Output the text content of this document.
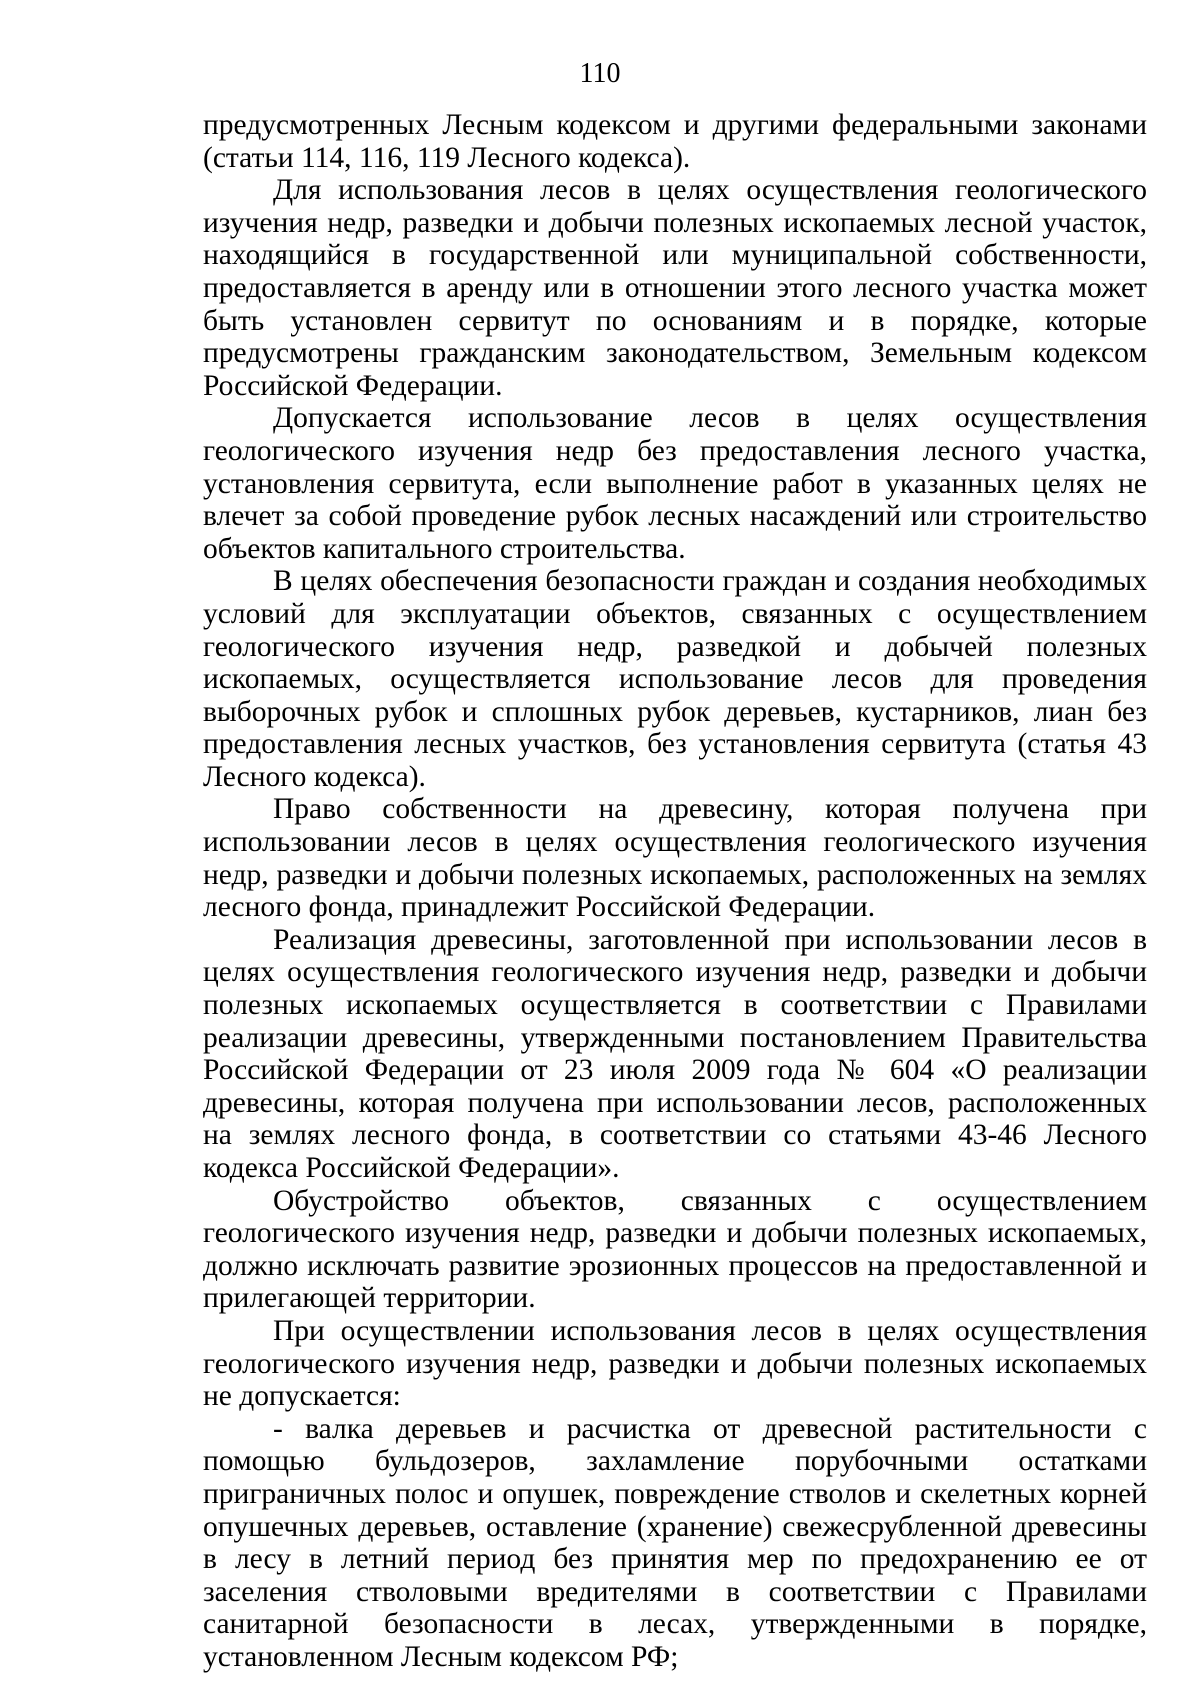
110

предусмотренных Лесным кодексом и другими федеральными законами (статьи 114, 116, 119 Лесного кодекса).

Для использования лесов в целях осуществления геологического изучения недр, разведки и добычи полезных ископаемых лесной участок, находящийся в государственной или муниципальной собственности, предоставляется в аренду или в отношении этого лесного участка может быть установлен сервитут по основаниям и в порядке, которые предусмотрены гражданским законодательством, Земельным кодексом Российской Федерации.

Допускается использование лесов в целях осуществления геологического изучения недр без предоставления лесного участка, установления сервитута, если выполнение работ в указанных целях не влечет за собой проведение рубок лесных насаждений или строительство объектов капитального строительства.

В целях обеспечения безопасности граждан и создания необходимых условий для эксплуатации объектов, связанных с осуществлением геологического изучения недр, разведкой и добычей полезных ископаемых, осуществляется использование лесов для проведения выборочных рубок и сплошных рубок деревьев, кустарников, лиан без предоставления лесных участков, без установления сервитута (статья 43 Лесного кодекса).

Право собственности на древесину, которая получена при использовании лесов в целях осуществления геологического изучения недр, разведки и добычи полезных ископаемых, расположенных на землях лесного фонда, принадлежит Российской Федерации.

Реализация древесины, заготовленной при использовании лесов в целях осуществления геологического изучения недр, разведки и добычи полезных ископаемых осуществляется в соответствии с Правилами реализации древесины, утвержденными постановлением Правительства Российской Федерации от 23 июля 2009 года № 604 «О реализации древесины, которая получена при использовании лесов, расположенных на землях лесного фонда, в соответствии со статьями 43-46 Лесного кодекса Российской Федерации».

Обустройство объектов, связанных с осуществлением геологического изучения недр, разведки и добычи полезных ископаемых, должно исключать развитие эрозионных процессов на предоставленной и прилегающей территории.

При осуществлении использования лесов в целях осуществления геологического изучения недр, разведки и добычи полезных ископаемых не допускается:

- валка деревьев и расчистка от древесной растительности с помощью бульдозеров, захламление порубочными остатками приграничных полос и опушек, повреждение стволов и скелетных корней опушечных деревьев, оставление (хранение) свежесрубленной древесины в лесу в летний период без принятия мер по предохранению ее от заселения стволовыми вредителями в соответствии с Правилами санитарной безопасности в лесах, утвержденными в порядке, установленном Лесным кодексом РФ;
